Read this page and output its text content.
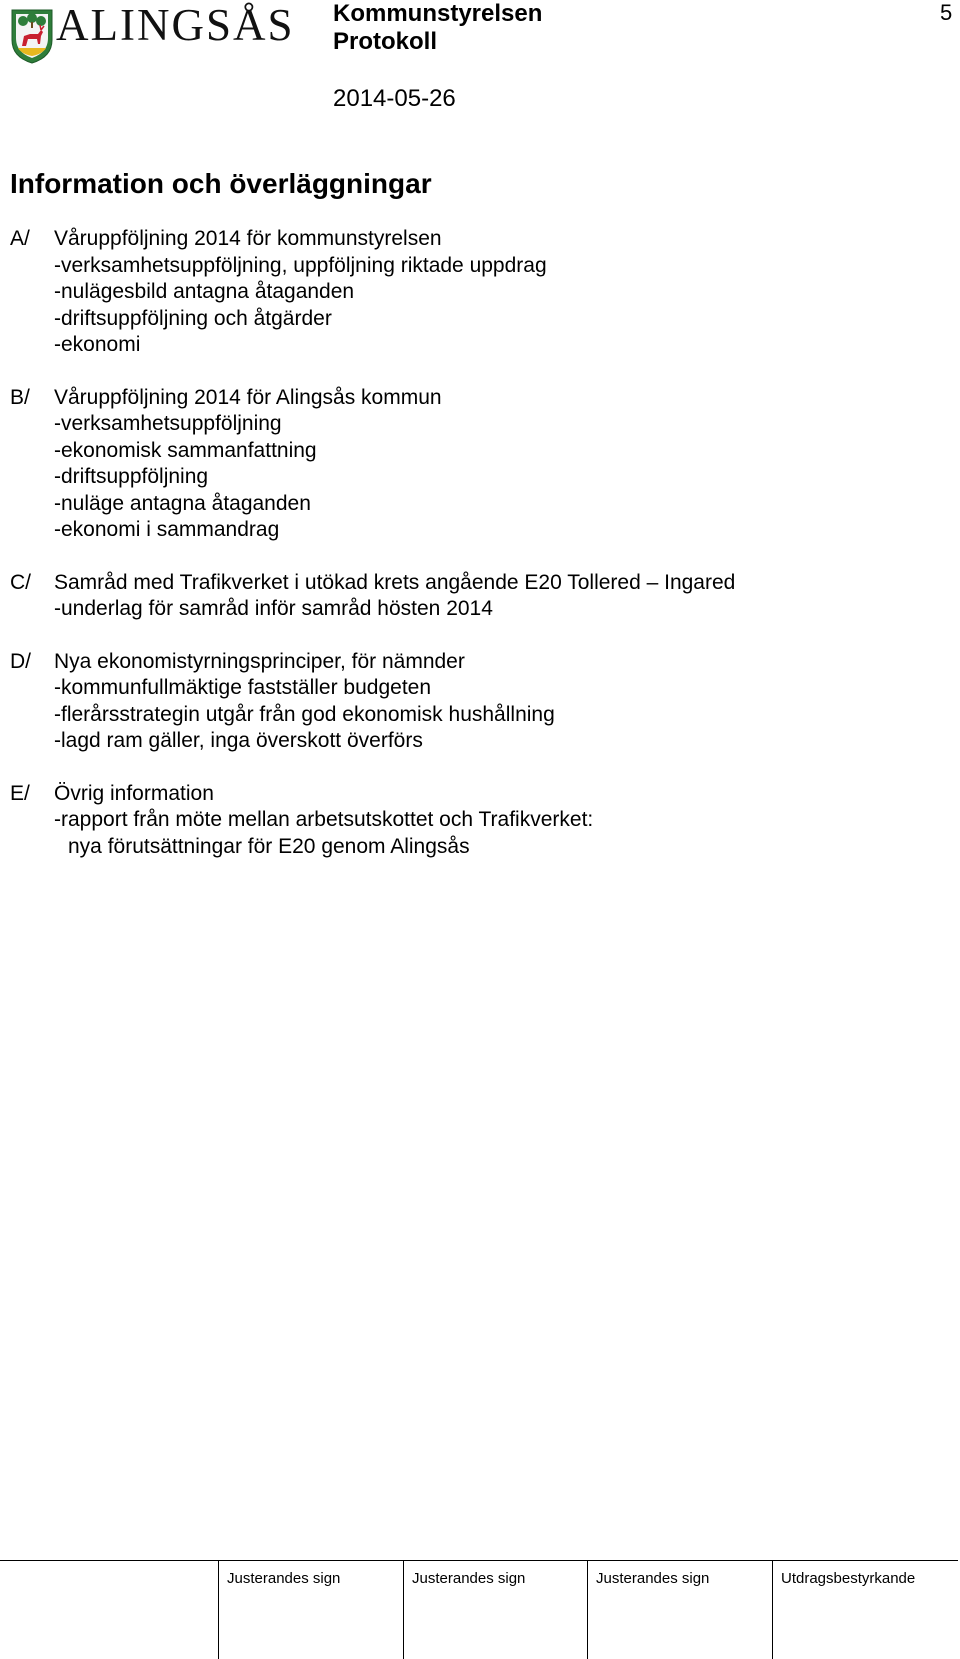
ALINGSÅS Kommunstyrelsen
Protokoll
2014-05-26
5
Information och överläggningar
A/ Våruppföljning 2014 för kommunstyrelsen
-verksamhetsuppföljning, uppföljning riktade uppdrag
-nulägesbild antagna åtaganden
-driftsuppföljning och åtgärder
-ekonomi
B/ Våruppföljning 2014 för Alingsås kommun
-verksamhetsuppföljning
-ekonomisk sammanfattning
-driftsuppföljning
-nuläge antagna åtaganden
-ekonomi i sammandrag
C/ Samråd med Trafikverket i utökad krets angående E20 Tollered – Ingared
-underlag för samråd inför samråd hösten 2014
D/ Nya ekonomistyrningsprinciper, för nämnder
-kommunfullmäktige fastställer budgeten
-flerårsstrategin utgår från god ekonomisk hushållning
-lagd ram gäller, inga överskott överförs
E/ Övrig information
-rapport från möte mellan arbetsutskottet och Trafikverket:
nya förutsättningar för E20 genom Alingsås
Justerandes sign	Justerandes sign	Justerandes sign	Utdragsbestyrkande
